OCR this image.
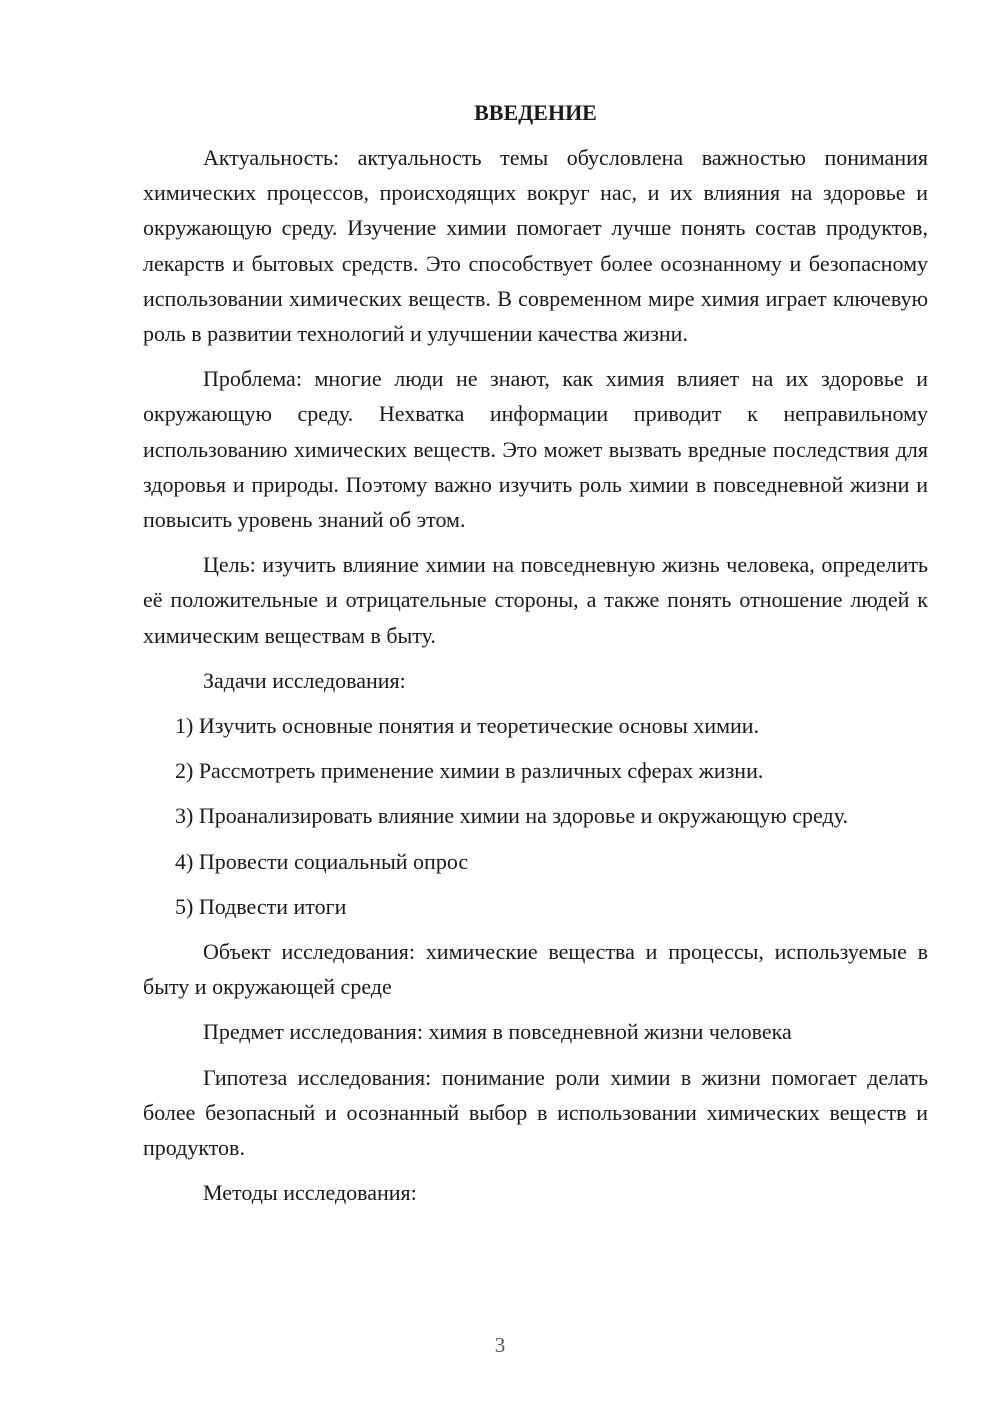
ВВЕДЕНИЕ

Актуальность: актуальность темы обусловлена важностью понимания химических процессов, происходящих вокруг нас, и их влияния на здоровье и окружающую среду. Изучение химии помогает лучше понять состав продуктов, лекарств и бытовых средств. Это способствует более осознанному и безопасному использовании химических веществ. В современном мире химия играет ключевую роль в развитии технологий и улучшении качества жизни.

Проблема: многие люди не знают, как химия влияет на их здоровье и окружающую среду. Нехватка информации приводит к неправильному использованию химических веществ. Это может вызвать вредные последствия для здоровья и природы. Поэтому важно изучить роль химии в повседневной жизни и повысить уровень знаний об этом.

Цель: изучить влияние химии на повседневную жизнь человека, определить её положительные и отрицательные стороны, а также понять отношение людей к химическим веществам в быту.

Задачи исследования:

1) Изучить основные понятия и теоретические основы химии.

2) Рассмотреть применение химии в различных сферах жизни.

3) Проанализировать влияние химии на здоровье и окружающую среду.

4) Провести социальный опрос

5) Подвести итоги

Объект исследования: химические вещества и процессы, используемые в быту и окружающей среде

Предмет исследования: химия в повседневной жизни человека

Гипотеза исследования: понимание роли химии в жизни помогает делать более безопасный и осознанный выбор в использовании химических веществ и продуктов.

Методы исследования:

3
